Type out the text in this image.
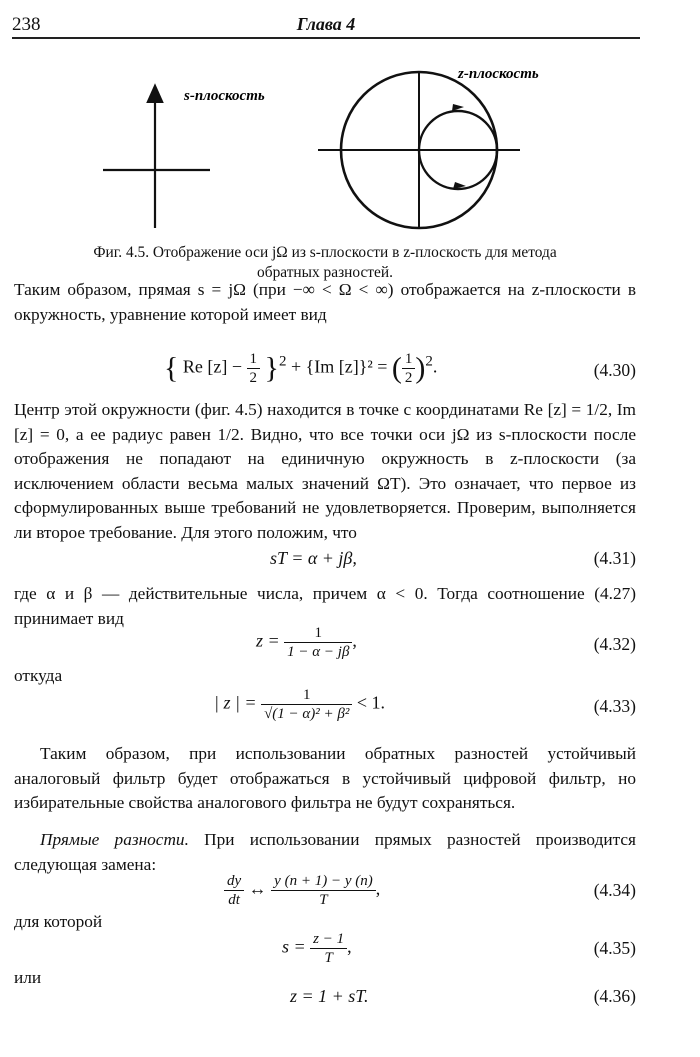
238	Глава 4
s-плоскость
z-плоскость
Фиг. 4.5. Отображение оси jΩ из s-плоскости в z-плоскость для метода
обратных разностей.
Таким образом, прямая s = jΩ (при −∞ < Ω < ∞) отображается на z-плоскости в окружность, уравнение которой имеет вид
{ Re $[z] - \frac{1}{2} \}^2 + \{Im$ [z]}² = ( $\frac{1}{2} )^2$.	(4.30)
Центр этой окружности (фиг. 4.5) находится в точке с координатами Re [z] = 1/2, Im [z] = 0, а ее радиус равен 1/2. Видно, что все точки оси jΩ из s-плоскости после отображения не попадают на единичную окружность в z-плоскости (за исключением области весьма малых значений ΩT). Это означает, что первое из сформулированных выше требований не удовлетворяется. Проверим, выполняется ли второе требование. Для этого положим, что
sT = α + jβ,	(4.31)
где α и β — действительные числа, причем α < 0. Тогда соотношение (4.27) принимает вид
$z = \frac{1}{1 - \alpha - j\beta}$ ,	(4.32)
откуда
| z | = $\frac{1}{\text{√(1 − α)² + β²}} < 1$.	(4.33)
Таким образом, при использовании обратных разностей устойчивый аналоговый фильтр будет отображаться в устойчивый цифровой фильтр, но избирательные свойства аналогового фильтра не будут сохраняться.
Прямые разности. При использовании прямых разностей производится следующая замена:
$\frac{dy}{dt}$ ↔ $\frac{y (n + 1) - y (n)}{T}$ ,	(4.34)
для которой
$s = \frac{z - 1}{T}$ ,	(4.35)
или
z = 1 + sT.	(4.36)
